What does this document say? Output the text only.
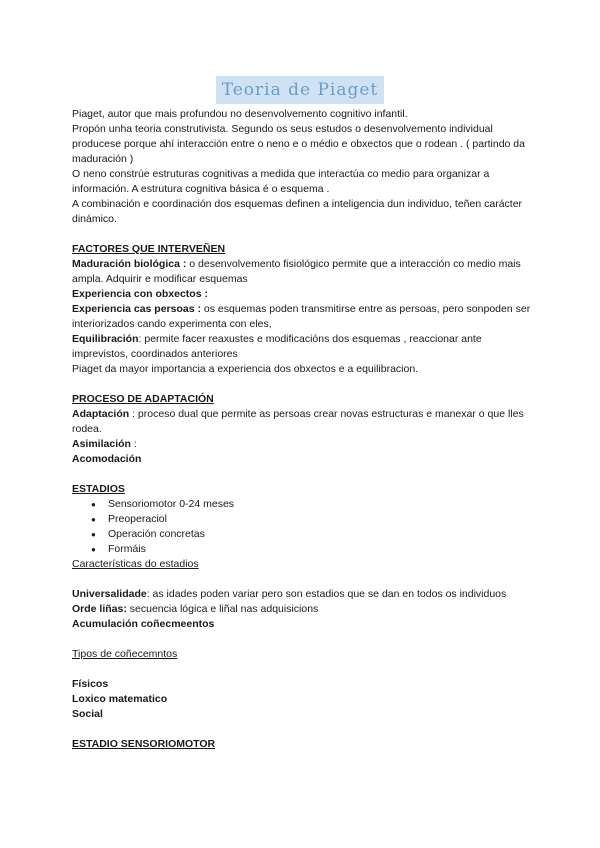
Teoria de Piaget

Piaget, autor que mais profundou no desenvolvemento cognitivo infantil.

Propón unha teoria construtivista. Segundo os seus estudos o desenvolvemento individual producese porque ahí interacción entre o neno e o médio e obxectos que o rodean . ( partindo da maduración )

O neno constrúe estruturas cognitivas a medida que interactúa co medio para organizar a información. A estrutura cognitiva básica é o esquema .

A combinación e coordinación dos esquemas definen a inteligencia dun individuo, teñen carácter dinámico.

FACTORES QUE INTERVEÑEN

Maduración biológica : o desenvolvemento fisiológico permite que a interacción co medio mais ampla. Adquirir e modificar esquemas

Experiencia con obxectos :

Experiencia cas persoas : os esquemas poden transmitirse entre as persoas, pero sonpoden ser interiorizados cando experimenta con eles,

Equilibración: permite facer reaxustes e modificacións dos esquemas , reaccionar ante imprevistos, coordinados anteriores

Piaget da mayor importancia a experiencia dos obxectos e a equilibracion.

PROCESO DE ADAPTACIÓN

Adaptación : proceso dual que permite as persoas crear novas estructuras e manexar o que lles rodea.

Asimilación :

Acomodación

ESTADIOS

● Sensoriomotor 0-24 meses
● Preoperaciol
● Operación concretas
● Formáis

Características do estadios

Universalidade: as idades poden variar pero son estadios que se dan en todos os individuos

Orde liñas: secuencia lógica e liñal nas adquisicions

Acumulación coñecmeentos

Tipos de coñecemntos

Físicos

Loxico matematico

Social

ESTADIO SENSORIOMOTOR
